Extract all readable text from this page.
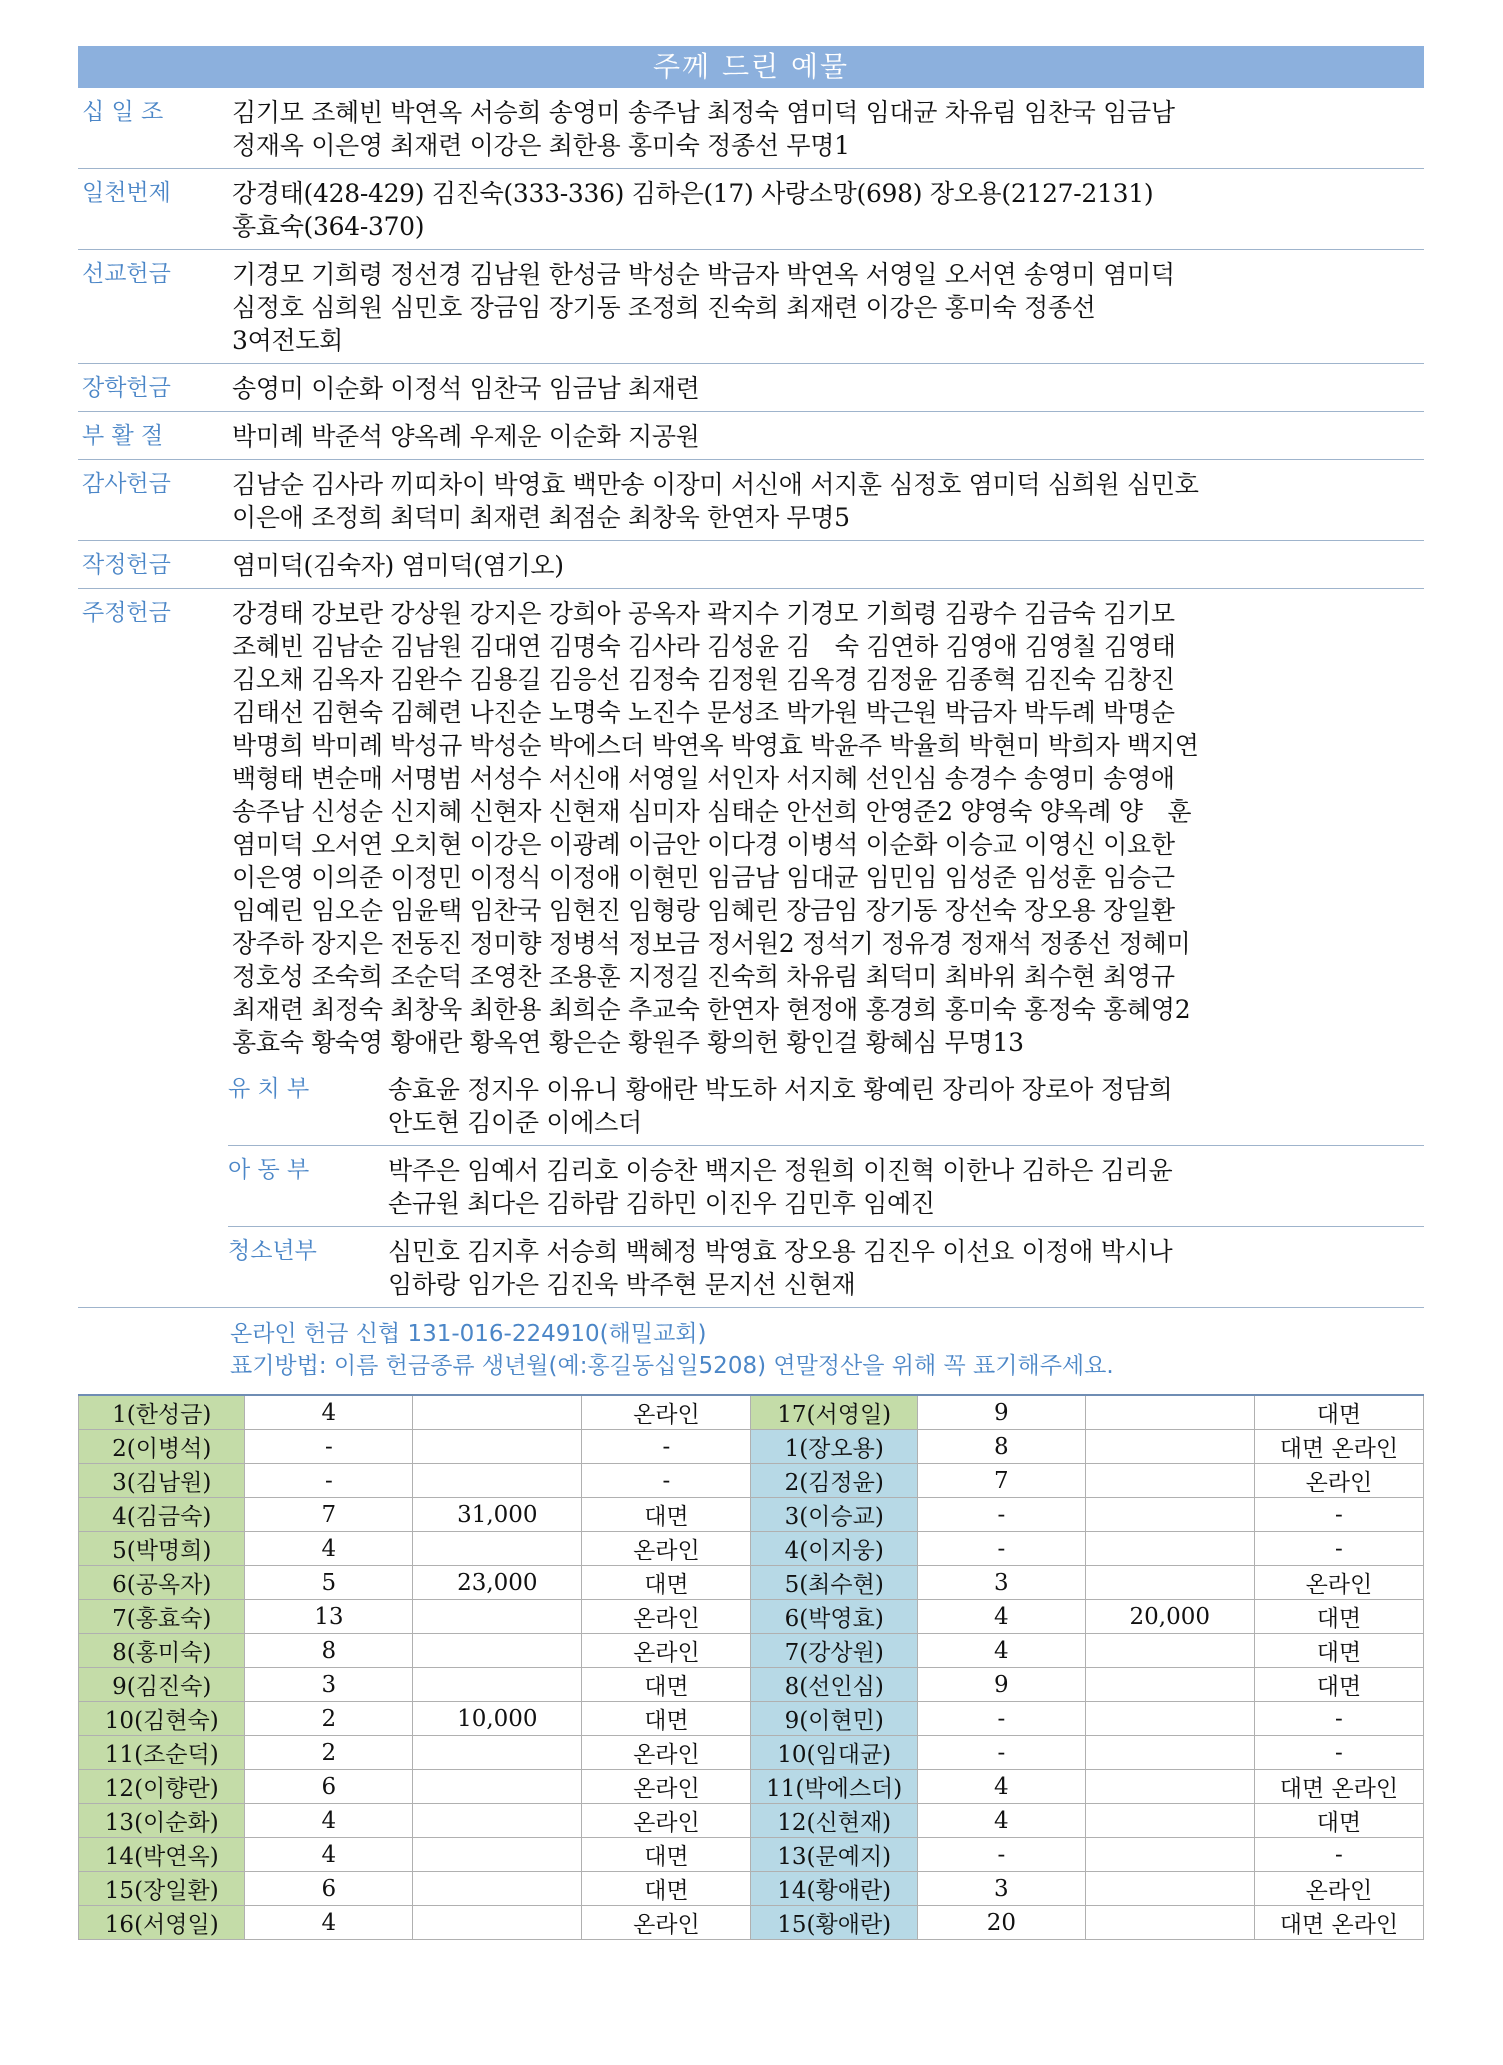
주께 드린 예물
십 일 조	김기모 조혜빈 박연옥 서승희 송영미 송주남 최정숙 염미덕 임대균 차유림 임찬국 임금남
정재옥 이은영 최재련 이강은 최한용 홍미숙 정종선 무명1
일천번제	강경태(428-429) 김진숙(333-336) 김하은(17) 사랑소망(698) 장오용(2127-2131)
홍효숙(364-370)
선교헌금	기경모 기희령 정선경 김남원 한성금 박성순 박금자 박연옥 서영일 오서연 송영미 염미덕
심정호 심희원 심민호 장금임 장기동 조정희 진숙희 최재련 이강은 홍미숙 정종선
3여전도회
장학헌금	송영미 이순화 이정석 임찬국 임금남 최재련
부 활 절	박미례 박준석 양옥례 우제운 이순화 지공원
감사헌금	김남순 김사라 끼띠차이 박영효 백만송 이장미 서신애 서지훈 심정호 염미덕 심희원 심민호
이은애 조정희 최덕미 최재련 최점순 최창욱 한연자 무명5
작정헌금	염미덕(김숙자) 염미덕(염기오)
주정헌금	강경태 강보란 강상원 강지은 강희아 공옥자 곽지수 기경모 기희령 김광수 김금숙 김기모
조혜빈 김남순 김남원 김대연 김명숙 김사라 김성윤 김　숙 김연하 김영애 김영칠 김영태
김오채 김옥자 김완수 김용길 김응선 김정숙 김정원 김옥경 김정윤 김종혁 김진숙 김창진
김태선 김현숙 김혜련 나진순 노명숙 노진수 문성조 박가원 박근원 박금자 박두례 박명순
박명희 박미례 박성규 박성순 박에스더 박연옥 박영효 박윤주 박율희 박현미 박희자 백지연
백형태 변순매 서명범 서성수 서신애 서영일 서인자 서지혜 선인심 송경수 송영미 송영애
송주남 신성순 신지혜 신현자 신현재 심미자 심태순 안선희 안영준2 양영숙 양옥례 양　훈
염미덕 오서연 오치현 이강은 이광례 이금안 이다경 이병석 이순화 이승교 이영신 이요한
이은영 이의준 이정민 이정식 이정애 이현민 임금남 임대균 임민임 임성준 임성훈 임승근
임예린 임오순 임윤택 임찬국 임현진 임형랑 임혜린 장금임 장기동 장선숙 장오용 장일환
장주하 장지은 전동진 정미향 정병석 정보금 정서원2 정석기 정유경 정재석 정종선 정혜미
정호성 조숙희 조순덕 조영찬 조용훈 지정길 진숙희 차유림 최덕미 최바위 최수현 최영규
최재련 최정숙 최창욱 최한용 최희순 추교숙 한연자 현정애 홍경희 홍미숙 홍정숙 홍혜영2
홍효숙 황숙영 황애란 황옥연 황은순 황원주 황의헌 황인걸 황혜심 무명13
유 치 부	송효윤 정지우 이유니 황애란 박도하 서지호 황예린 장리아 장로아 정담희
안도현 김이준 이에스더
아 동 부	박주은 임예서 김리호 이승찬 백지은 정원희 이진혁 이한나 김하은 김리윤
손규원 최다은 김하람 김하민 이진우 김민후 임예진
청소년부	심민호 김지후 서승희 백혜정 박영효 장오용 김진우 이선요 이정애 박시나
임하랑 임가은 김진욱 박주현 문지선 신현재
온라인 헌금 신협 131-016-224910(해밀교회)
표기방법: 이름 헌금종류 생년월(예:홍길동십일5208) 연말정산을 위해 꼭 표기해주세요.
1(한성금)	4		온라인	17(서영일)	9		대면
2(이병석)	-		-	1(장오용)	8		대면 온라인
3(김남원)	-		-	2(김정윤)	7		온라인
4(김금숙)	7	31,000	대면	3(이승교)	-		-
5(박명희)	4		온라인	4(이지웅)	-		-
6(공옥자)	5	23,000	대면	5(최수현)	3		온라인
7(홍효숙)	13		온라인	6(박영효)	4	20,000	대면
8(홍미숙)	8		온라인	7(강상원)	4		대면
9(김진숙)	3		대면	8(선인심)	9		대면
10(김현숙)	2	10,000	대면	9(이현민)	-		-
11(조순덕)	2		온라인	10(임대균)	-		-
12(이향란)	6		온라인	11(박에스더)	4		대면 온라인
13(이순화)	4		온라인	12(신현재)	4		대면
14(박연옥)	4		대면	13(문예지)	-		-
15(장일환)	6		대면	14(황애란)	3		온라인
16(서영일)	4		온라인	15(황애란)	20		대면 온라인
